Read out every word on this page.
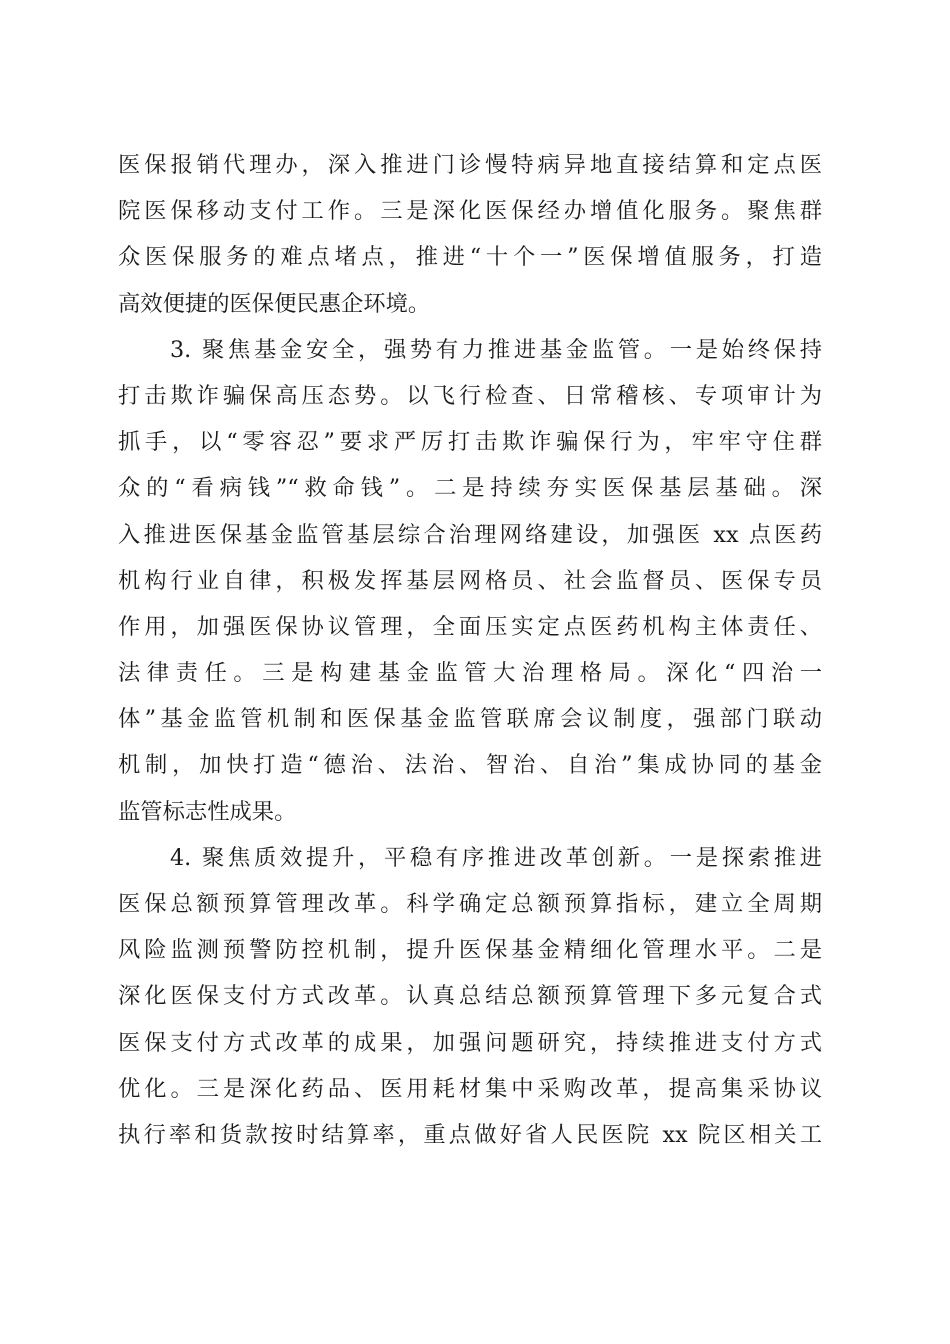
医保报销代理办，深入推进门诊慢特病异地直接结算和定点医
院医保移动支付工作。三是深化医保经办增值化服务。聚焦群
众医保服务的难点堵点，推进“十个一”医保增值服务，打造
高效便捷的医保便民惠企环境。
3. 聚焦基金安全，强势有力推进基金监管。一是始终保持
打击欺诈骗保高压态势。以飞行检查、日常稽核、专项审计为
抓手，以“零容忍”要求严厉打击欺诈骗保行为，牢牢守住群
众的“看病钱”“救命钱”。二是持续夯实医保基层基础。深
入推进医保基金监管基层综合治理网络建设，加强医 xx 点医药
机构行业自律，积极发挥基层网格员、社会监督员、医保专员
作用，加强医保协议管理，全面压实定点医药机构主体责任、
法律责任。三是构建基金监管大治理格局。深化“四治一
体”基金监管机制和医保基金监管联席会议制度，强部门联动
机制，加快打造“德治、法治、智治、自治”集成协同的基金
监管标志性成果。
4. 聚焦质效提升，平稳有序推进改革创新。一是探索推进
医保总额预算管理改革。科学确定总额预算指标，建立全周期
风险监测预警防控机制，提升医保基金精细化管理水平。二是
深化医保支付方式改革。认真总结总额预算管理下多元复合式
医保支付方式改革的成果，加强问题研究，持续推进支付方式
优化。三是深化药品、医用耗材集中采购改革，提高集采协议
执行率和货款按时结算率，重点做好省人民医院 xx 院区相关工
